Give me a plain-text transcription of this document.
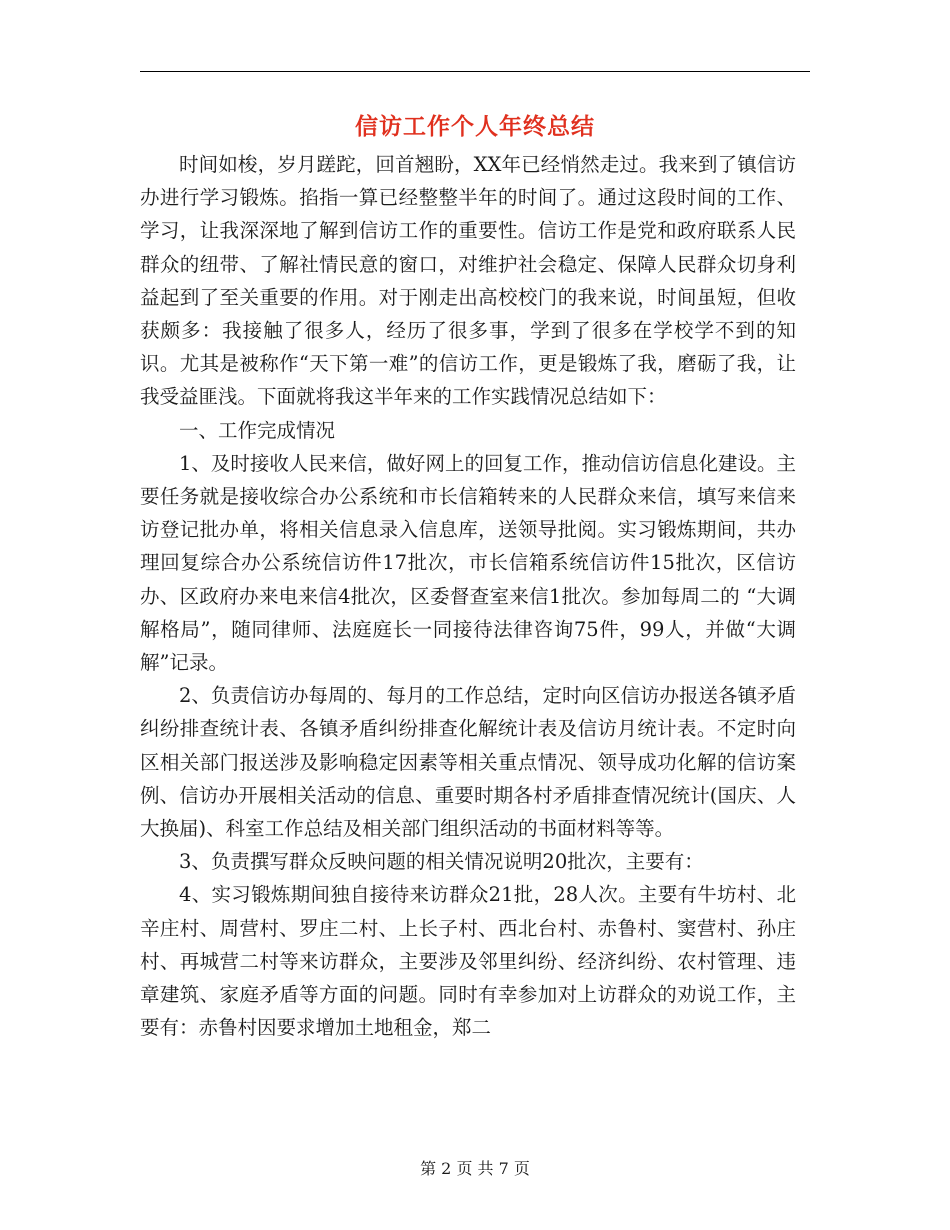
信访工作个人年终总结

时间如梭，岁月蹉跎，回首翘盼，XX年已经悄然走过。我来到了镇信访办进行学习锻炼。掐指一算已经整整半年的时间了。通过这段时间的工作、学习，让我深深地了解到信访工作的重要性。信访工作是党和政府联系人民群众的纽带、了解社情民意的窗口，对维护社会稳定、保障人民群众切身利益起到了至关重要的作用。对于刚走出高校校门的我来说，时间虽短，但收获颇多：我接触了很多人，经历了很多事，学到了很多在学校学不到的知识。尤其是被称作“天下第一难”的信访工作，更是锻炼了我，磨砺了我，让我受益匪浅。下面就将我这半年来的工作实践情况总结如下：

一、工作完成情况

1、及时接收人民来信，做好网上的回复工作，推动信访信息化建设。主要任务就是接收综合办公系统和市长信箱转来的人民群众来信，填写来信来访登记批办单，将相关信息录入信息库，送领导批阅。实习锻炼期间，共办理回复综合办公系统信访件17批次，市长信箱系统信访件15批次，区信访办、区政府办来电来信4批次，区委督查室来信1批次。参加每周二的 “大调解格局”，随同律师、法庭庭长一同接待法律咨询75件，99人，并做“大调解”记录。

2、负责信访办每周的、每月的工作总结，定时向区信访办报送各镇矛盾纠纷排查统计表、各镇矛盾纠纷排查化解统计表及信访月统计表。不定时向区相关部门报送涉及影响稳定因素等相关重点情况、领导成功化解的信访案例、信访办开展相关活动的信息、重要时期各村矛盾排查情况统计(国庆、人大换届)、科室工作总结及相关部门组织活动的书面材料等等。

3、负责撰写群众反映问题的相关情况说明20批次，主要有：

4、实习锻炼期间独自接待来访群众21批，28人次。主要有牛坊村、北辛庄村、周营村、罗庄二村、上长子村、西北台村、赤鲁村、窦营村、孙庄村、再城营二村等来访群众，主要涉及邻里纠纷、经济纠纷、农村管理、违章建筑、家庭矛盾等方面的问题。同时有幸参加对上访群众的劝说工作，主要有：赤鲁村因要求增加土地租金，郑二

第 2 页 共 7 页
